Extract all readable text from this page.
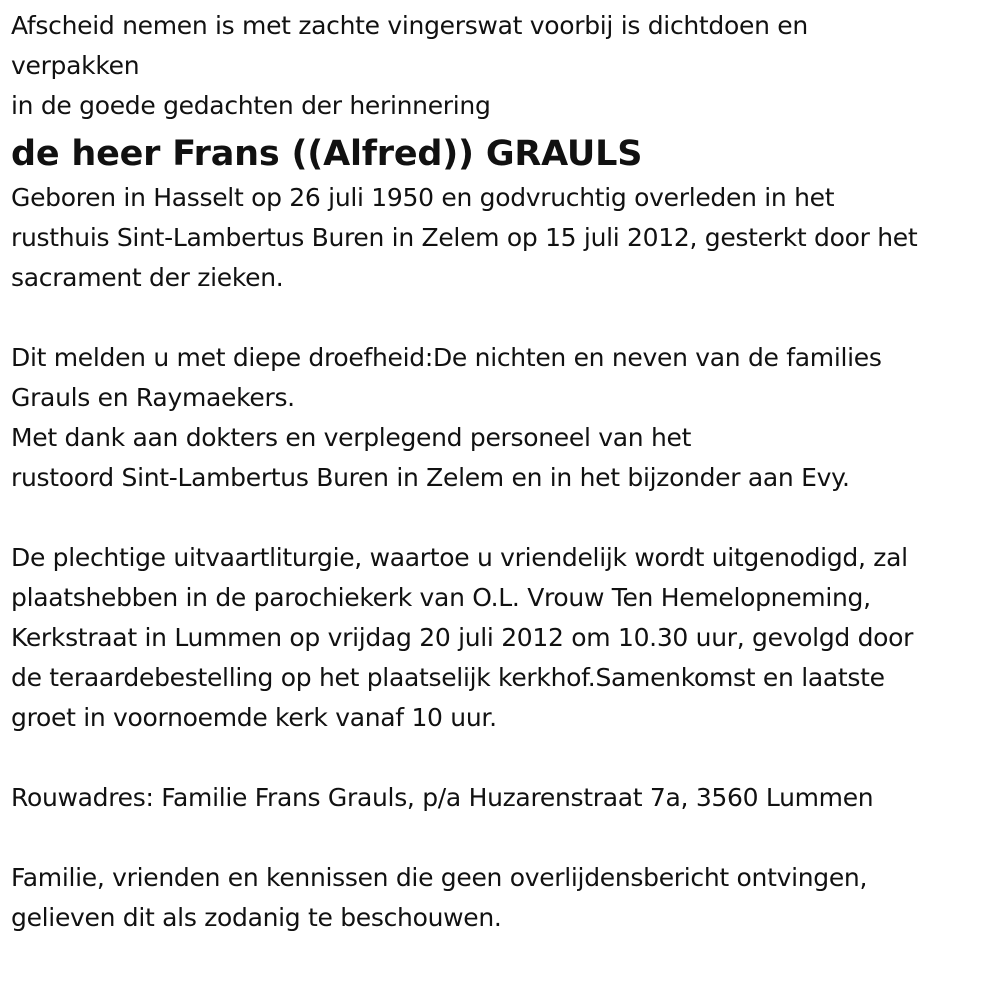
Afscheid nemen is met zachte vingerswat voorbij is dichtdoen en
verpakken
in de goede gedachten der herinnering
de heer Frans ((Alfred)) GRAULS
Geboren in Hasselt op 26 juli 1950 en godvruchtig overleden in het
rusthuis Sint-Lambertus Buren in Zelem op 15 juli 2012, gesterkt door het
sacrament der zieken.
Dit melden u met diepe droefheid:De nichten en neven van de families
Grauls en Raymaekers.
Met dank aan dokters en verplegend personeel van het
rustoord Sint-Lambertus Buren in Zelem en in het bijzonder aan Evy.
De plechtige uitvaartliturgie, waartoe u vriendelijk wordt uitgenodigd, zal
plaatshebben in de parochiekerk van O.L. Vrouw Ten Hemelopneming,
Kerkstraat in Lummen op vrijdag 20 juli 2012 om 10.30 uur, gevolgd door
de teraardebestelling op het plaatselijk kerkhof.Samenkomst en laatste
groet in voornoemde kerk vanaf 10 uur.
Rouwadres: Familie Frans Grauls, p/a Huzarenstraat 7a, 3560 Lummen
Familie, vrienden en kennissen die geen overlijdensbericht ontvingen,
gelieven dit als zodanig te beschouwen.
